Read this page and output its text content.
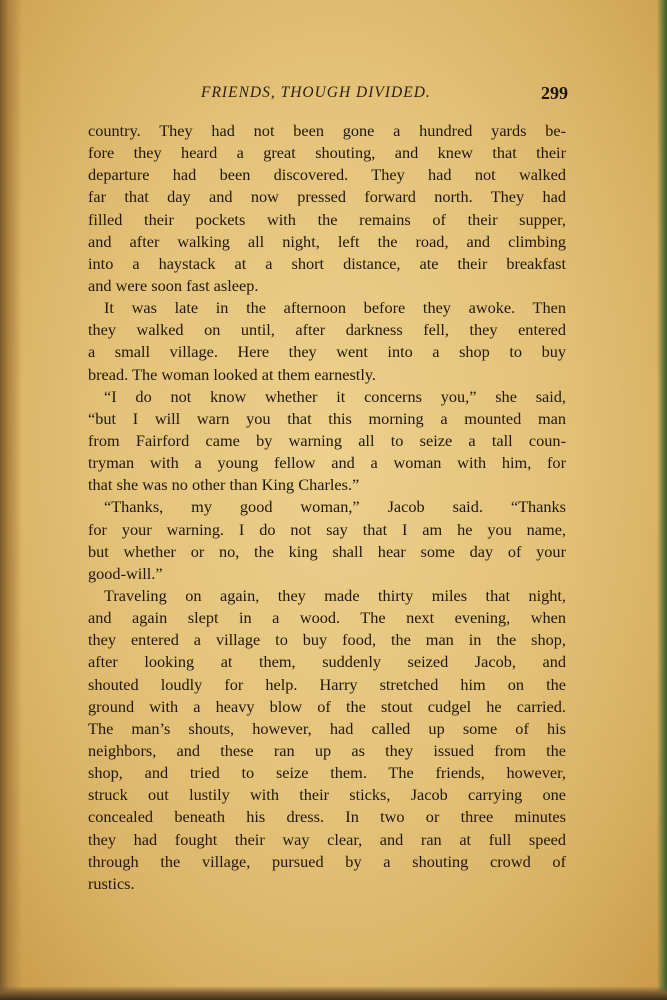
FRIENDS, THOUGH DIVIDED.	299
country. They had not been gone a hundred yards be-
fore they heard a great shouting, and knew that their
departure had been discovered. They had not walked
far that day and now pressed forward north. They had
filled their pockets with the remains of their supper,
and after walking all night, left the road, and climbing
into a haystack at a short distance, ate their breakfast
and were soon fast asleep.
It was late in the afternoon before they awoke. Then
they walked on until, after darkness fell, they entered
a small village. Here they went into a shop to buy
bread. The woman looked at them earnestly.
“I do not know whether it concerns you,” she said,
“but I will warn you that this morning a mounted man
from Fairford came by warning all to seize a tall coun-
tryman with a young fellow and a woman with him, for
that she was no other than King Charles.”
“Thanks, my good woman,” Jacob said. “Thanks
for your warning. I do not say that I am he you name,
but whether or no, the king shall hear some day of your
good-will.”
Traveling on again, they made thirty miles that night,
and again slept in a wood. The next evening, when
they entered a village to buy food, the man in the shop,
after looking at them, suddenly seized Jacob, and
shouted loudly for help. Harry stretched him on the
ground with a heavy blow of the stout cudgel he carried.
The man’s shouts, however, had called up some of his
neighbors, and these ran up as they issued from the
shop, and tried to seize them. The friends, however,
struck out lustily with their sticks, Jacob carrying one
concealed beneath his dress. In two or three minutes
they had fought their way clear, and ran at full speed
through the village, pursued by a shouting crowd of
rustics.
